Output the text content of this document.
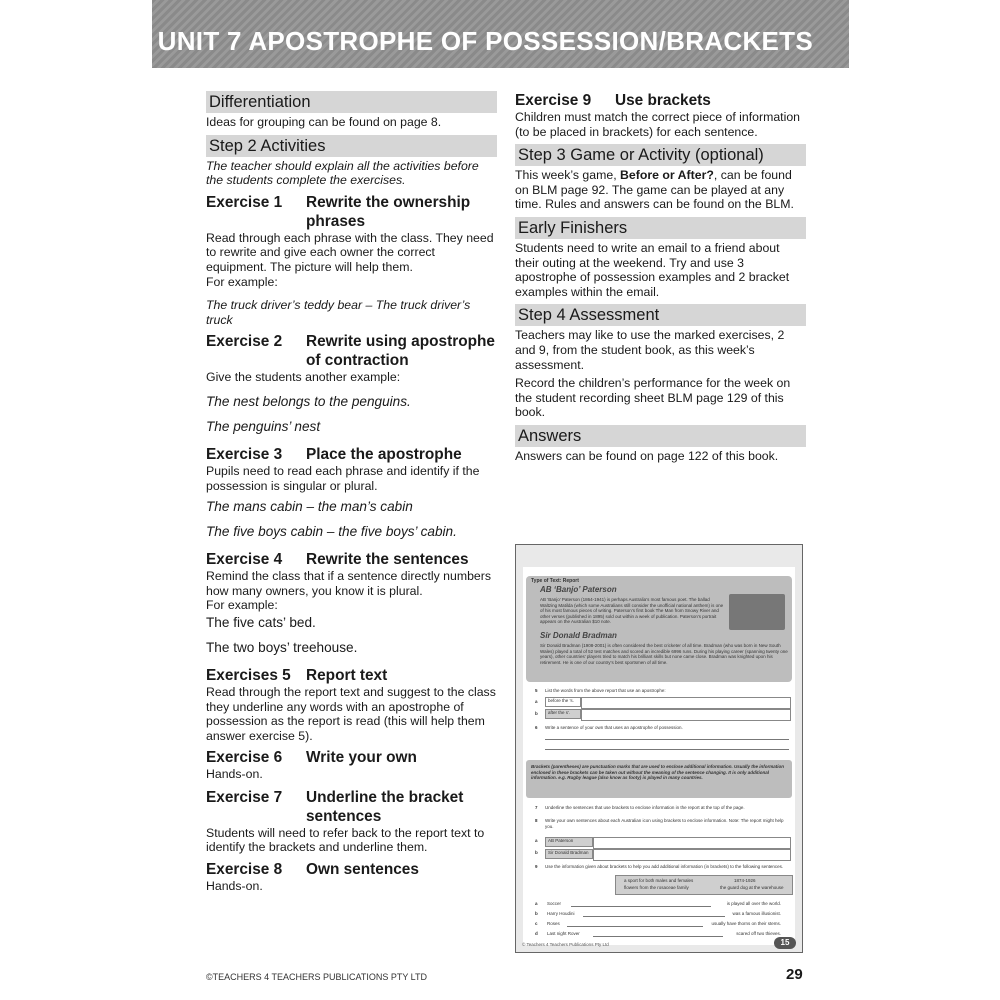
UNIT 7 APOSTROPHE OF POSSESSION/BRACKETS
Differentiation

Ideas for grouping can be found on page 8.

Step 2 Activities

The teacher should explain all the activities before the students complete the exercises.

Exercise 1 Rewrite the ownership phrases

Read through each phrase with the class. They need to rewrite and give each owner the correct equipment. The picture will help them.

For example:

The truck driver’s teddy bear – The truck driver’s truck

Exercise 2 Rewrite using apostrophe of contraction

Give the students another example:

The nest belongs to the penguins.

The penguins’ nest

Exercise 3 Place the apostrophe

Pupils need to read each phrase and identify if the possession is singular or plural.

The mans cabin – the man’s cabin

The five boys cabin – the five boys’ cabin.

Exercise 4 Rewrite the sentences

Remind the class that if a sentence directly numbers how many owners, you know it is plural.

For example:

The five cats’ bed.

The two boys’ treehouse.

Exercises 5 Report text

Read through the report text and suggest to the class they underline any words with an apostrophe of possession as the report is read (this will help them answer exercise 5).

Exercise 6 Write your own

Hands-on.

Exercise 7 Underline the bracket sentences

Students will need to refer back to the report text to identify the brackets and underline them.

Exercise 8 Own sentences

Hands-on.

Exercise 9 Use brackets

Children must match the correct piece of information (to be placed in brackets) for each sentence.

Step 3 Game or Activity (optional)

This week’s game, Before or After?, can be found on BLM page 92. The game can be played at any time. Rules and answers can be found on the BLM.

Early Finishers

Students need to write an email to a friend about their outing at the weekend. Try and use 3 apostrophe of possession examples and 2 bracket examples within the email.

Step 4 Assessment

Teachers may like to use the marked exercises, 2 and 9, from the student book, as this week’s assessment.

Record the children’s performance for the week on the student recording sheet BLM page 129 of this book.

Answers

Answers can be found on page 122 of this book.

Type of Text: Report
AB ‘Banjo’ Paterson
AB ‘Banjo’ Paterson (1864-1941) is perhaps Australia’s most famous poet. The ballad Waltzing Matilda (which some Australians still consider the unofficial national anthem) is one of his most famous pieces of writing. Paterson’s first book The Man from Snowy River and other verses (published in 1895) sold out within a week of publication. Paterson’s portrait appears on the Australian $10 note.
Sir Donald Bradman
Sir Donald Bradman (1908-2001) is often considered the best cricketer of all time. Bradman (who was born in New South Wales) played a total of 52 test matches and scored an incredible 6996 runs. During his playing career (spanning twenty one years), other countries’ players tried to match his brilliant skills but none came close. Bradman was knighted upon his retirement. He is one of our country’s best sportsmen of all time.
5 List the words from the above report that use an apostrophe:
a	before the ’s.
b	after the s’.
6 Write a sentence of your own that uses an apostrophe of possession.
Brackets (parentheses) are punctuation marks that are used to enclose additional information. Usually the information enclosed in these brackets can be taken out without the meaning of the sentence changing. It is only additional information. e.g. Rugby league (also know as footy) is played in many countries.
7 Underline the sentences that use brackets to enclose information in the report at the top of the page.
8 Write your own sentences about each Australian icon using brackets to enclose information. Note: The report might help you.
a	AB Paterson
b	Sir Donald Bradman
9 Use the information given about brackets to help you add additional information (in brackets) to the following sentences.
a sport for both males and females	1874-1926
flowers from the rosaceae family	the guard dog at the warehouse
a Soccer	is played all over the world.
b Harry Houdini	was a famous illusionist.
c Roses	usually have thorns on their stems.
d Last night Rover	scared off two thieves.
© Teachers 4 Teachers Publications Pty Ltd	15
©TEACHERS 4 TEACHERS PUBLICATIONS PTY LTD	29
